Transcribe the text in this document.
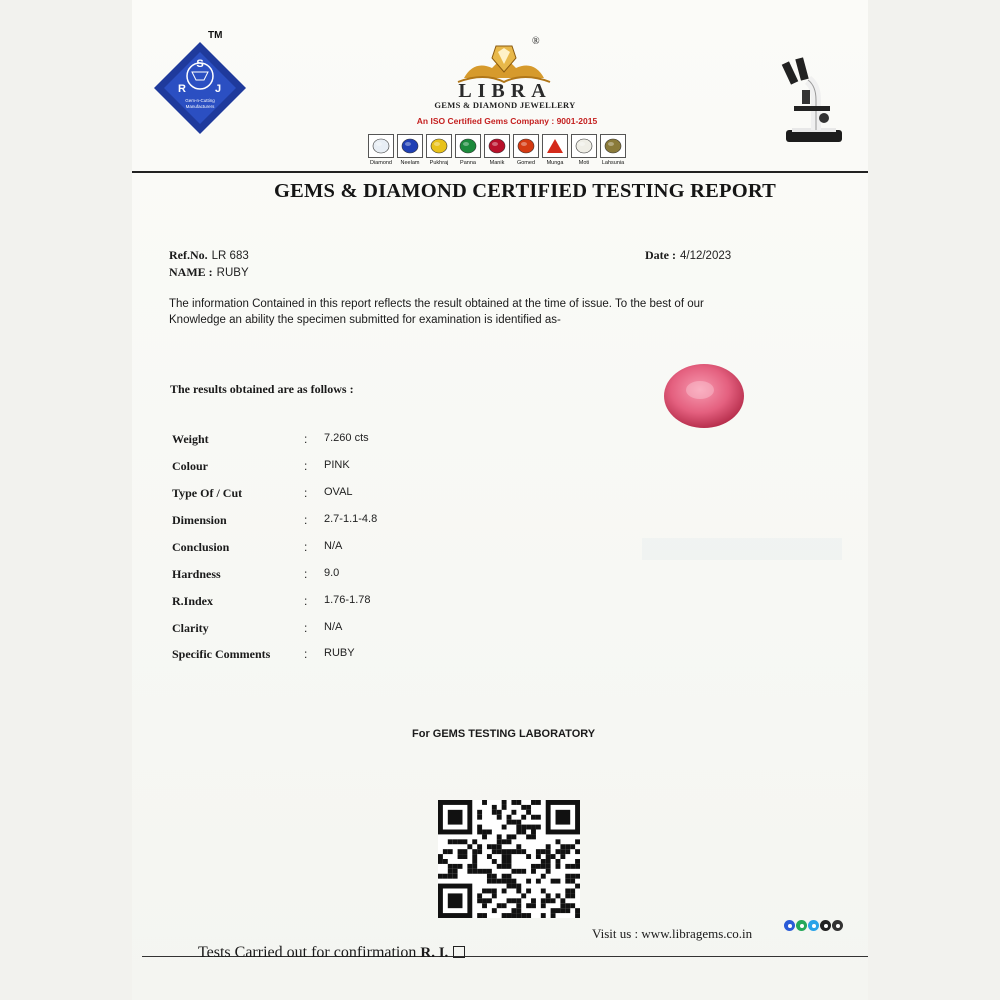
S
R	J
Gem-n-Cutting
Manufacturers
TM
®
LIBRA
GEMS & DIAMOND JEWELLERY
An ISO Certified Gems Company : 9001-2015
Diamond Neelam Pukhraj Panna Manik Gomed Munga	Moti Lahsunia
GEMS & DIAMOND CERTIFIED TESTING REPORT
Ref.No. LR 683
NAME : RUBY
Date : 4/12/2023
The information Contained in this report reflects the result obtained at the time of issue. To the best of our
Knowledge an ability the specimen submitted for examination is identified as-
The results obtained are as follows :
Weight	: 7.260 cts
Colour	: PINK
Type Of / Cut	: OVAL
Dimension	: 2.7-1.1-4.8
Conclusion	: N/A
Hardness	: 9.0
R.Index	: 1.76-1.78
Clarity	: N/A
Specific Comments	: RUBY
For GEMS TESTING LABORATORY
Visit us : www.libragems.co.in
Tests Carried out for confirmation R. I.
